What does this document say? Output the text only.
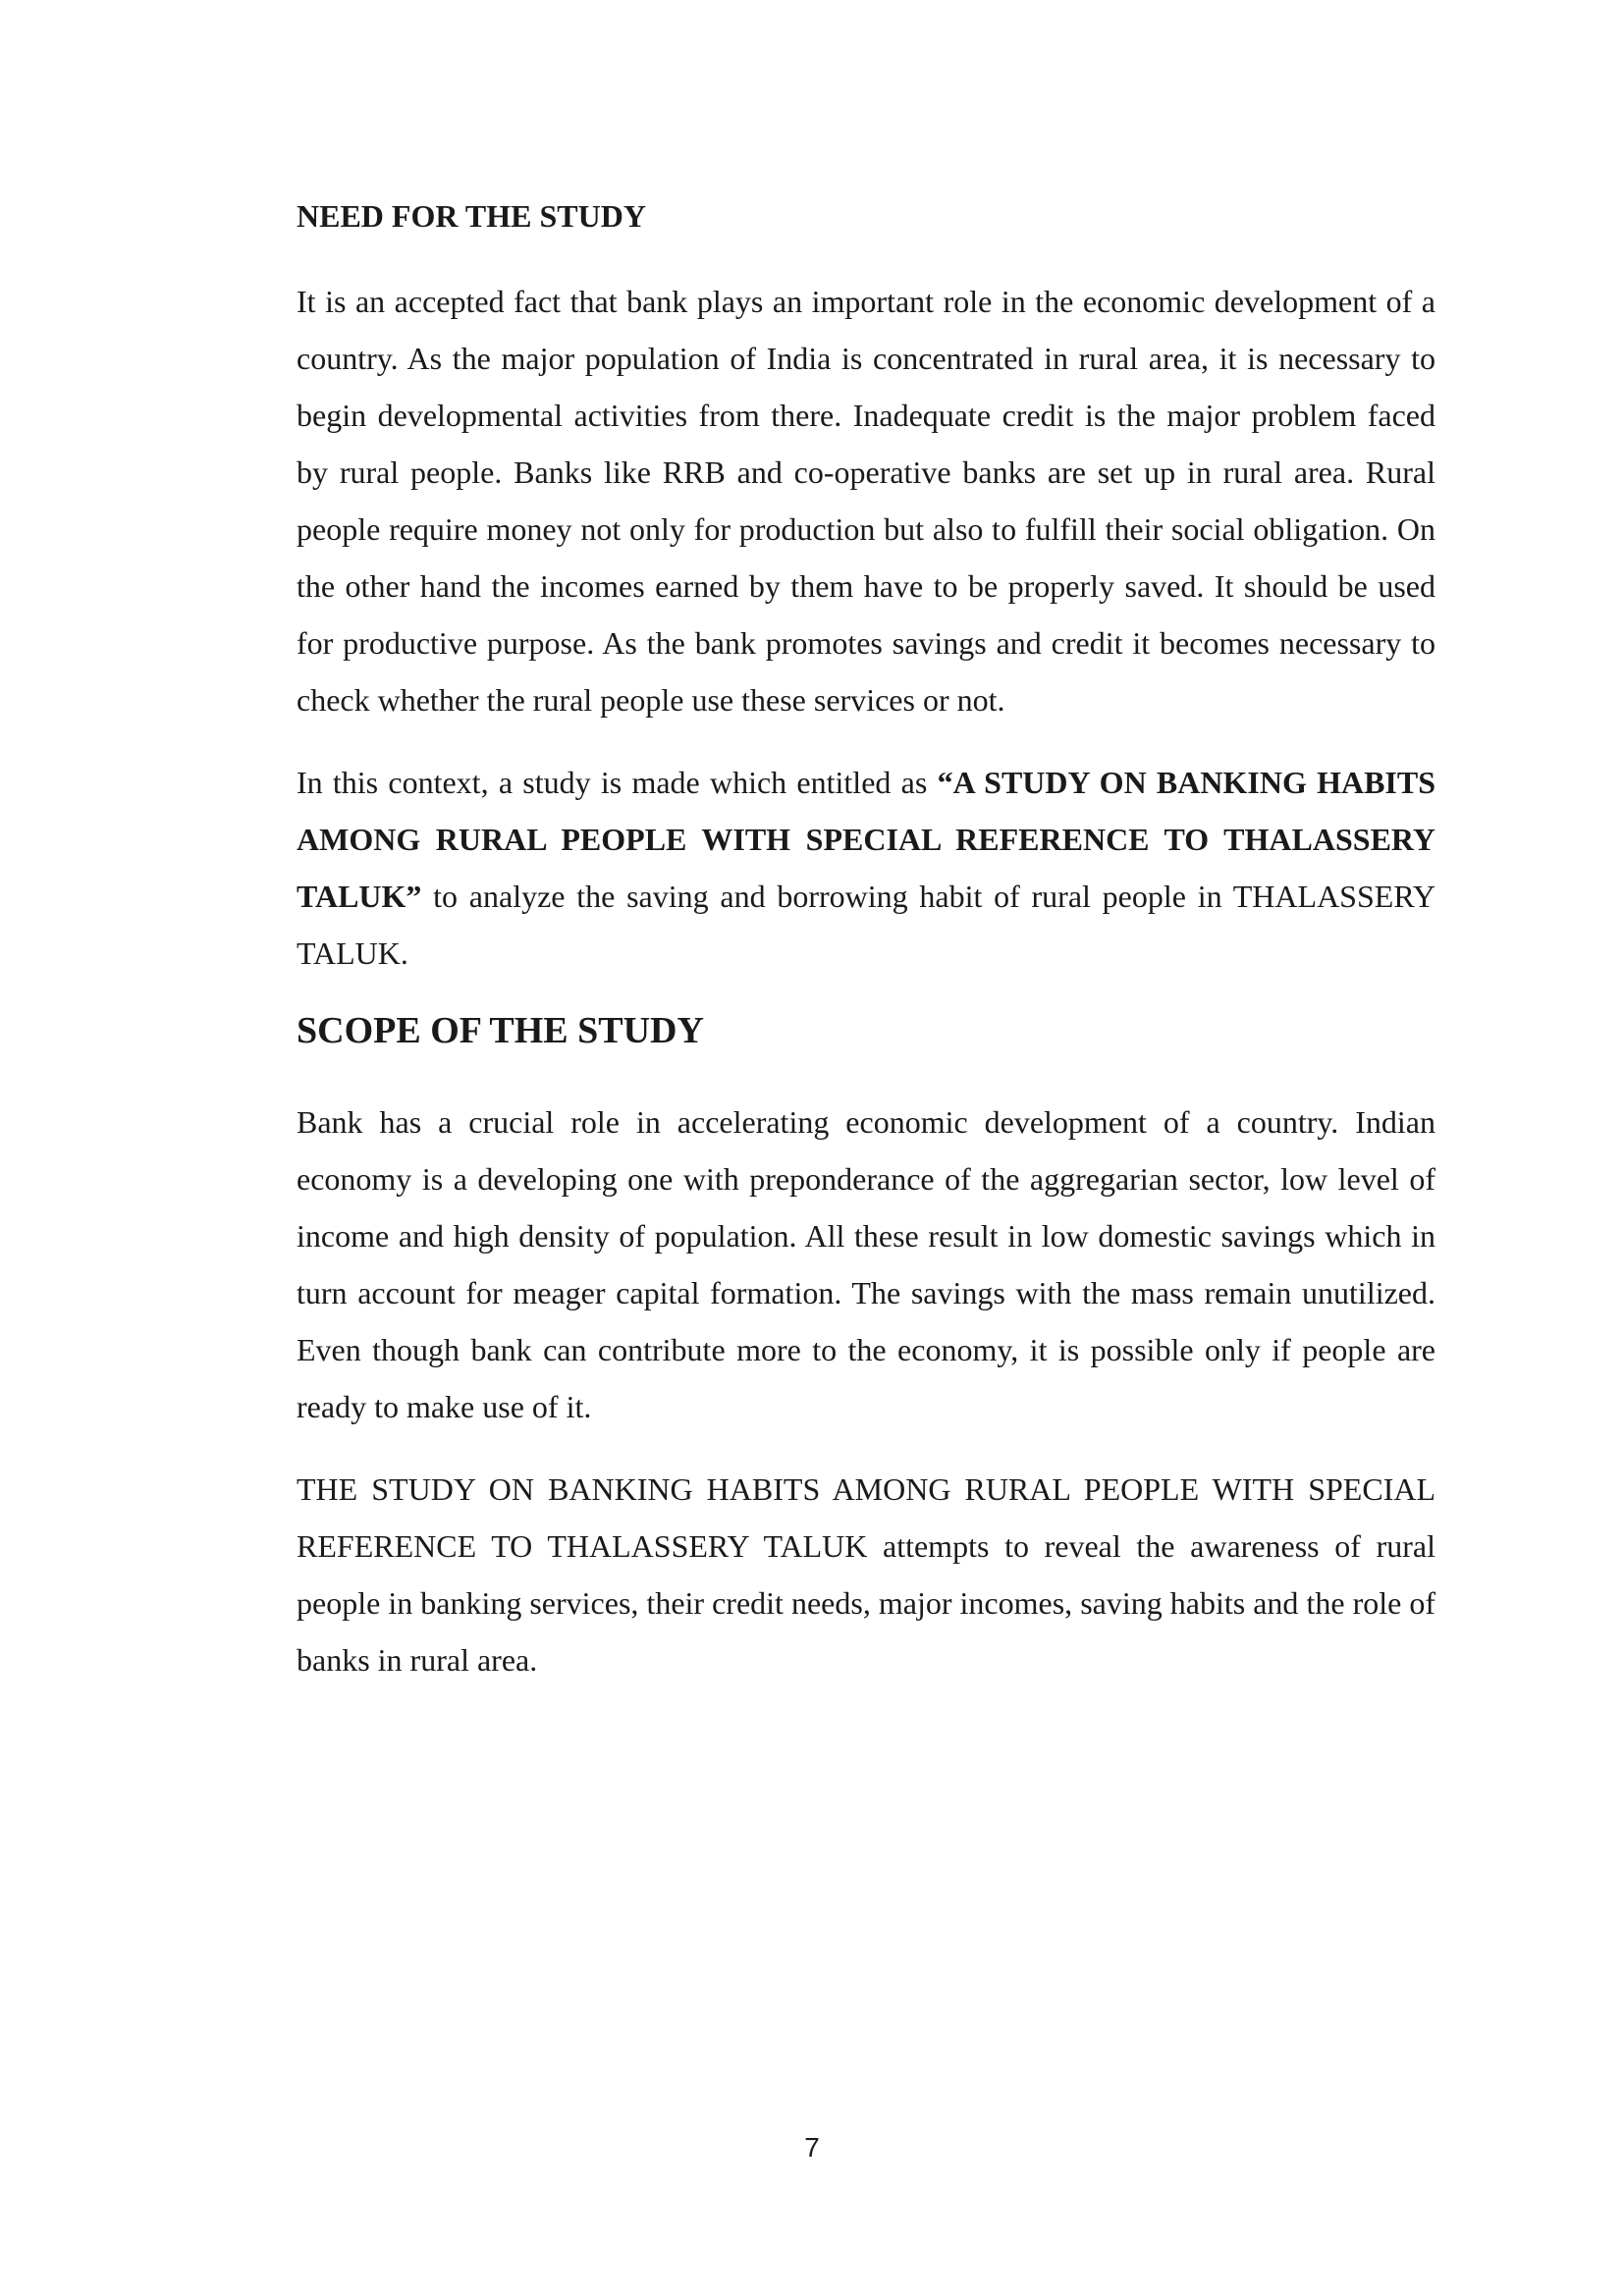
NEED FOR THE STUDY

It is an accepted fact that bank plays an important role in the economic development of a country. As the major population of India is concentrated in rural area, it is necessary to begin developmental activities from there. Inadequate credit is the major problem faced by rural people. Banks like RRB and co-operative banks are set up in rural area. Rural people require money not only for production but also to fulfill their social obligation. On the other hand the incomes earned by them have to be properly saved. It should be used for productive purpose. As the bank promotes savings and credit it becomes necessary to check whether the rural people use these services or not.

In this context, a study is made which entitled as “A STUDY ON BANKING HABITS AMONG RURAL PEOPLE WITH SPECIAL REFERENCE TO THALASSERY TALUK” to analyze the saving and borrowing habit of rural people in THALASSERY TALUK.

SCOPE OF THE STUDY

Bank has a crucial role in accelerating economic development of a country. Indian economy is a developing one with preponderance of the aggregarian sector, low level of income and high density of population. All these result in low domestic savings which in turn account for meager capital formation. The savings with the mass remain unutilized. Even though bank can contribute more to the economy, it is possible only if people are ready to make use of it.

THE STUDY ON BANKING HABITS AMONG RURAL PEOPLE WITH SPECIAL REFERENCE TO THALASSERY TALUK attempts to reveal the awareness of rural people in banking services, their credit needs, major incomes, saving habits and the role of banks in rural area.

7
